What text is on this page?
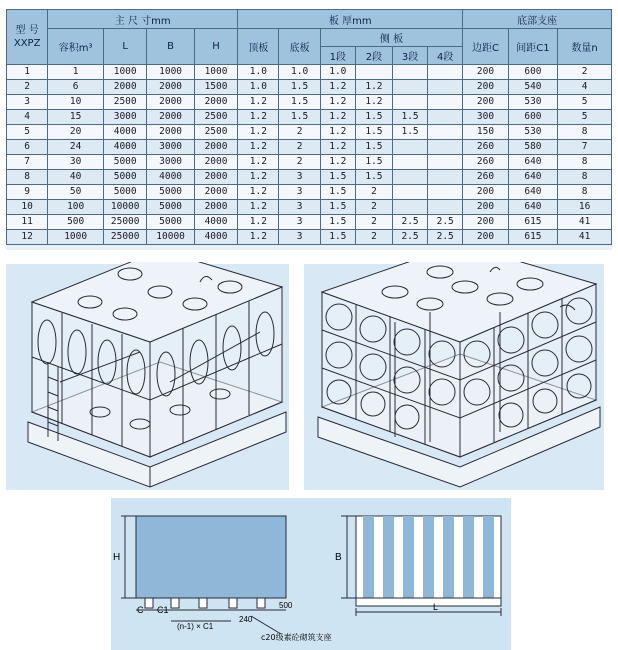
型 号
XXPZ	主 尺 寸mm				板 厚mm						底部支座		
	容积m³	L	B	H	顶板	底板	侧 板				边距C	间距C1	数量n
							1段	2段	3段	4段			
1	1	1000	1000	1000	1.0	1.0	1.0				200	600	2
2	6	2000	2000	1500	1.0	1.5	1.2	1.2			200	540	4
3	10	2500	2000	2000	1.2	1.5	1.2	1.2			200	530	5
4	15	3000	2000	2500	1.2	1.5	1.2	1.5	1.5		300	600	5
5	20	4000	2000	2500	1.2	2	1.2	1.5	1.5		150	530	8
6	24	4000	3000	2000	1.2	2	1.2	1.5			260	580	7
7	30	5000	3000	2000	1.2	2	1.2	1.5			260	640	8
8	40	5000	4000	2000	1.2	3	1.5	1.5			260	640	8
9	50	5000	5000	2000	1.2	3	1.5	2			200	640	8
10	100	10000	5000	2000	1.2	3	1.5	2			200	640	16
11	500	25000	5000	4000	1.2	3	1.5	2	2.5	2.5	200	615	41
12	1000	25000	10000	4000	1.2	3	1.5	2	2.5	2.5	200	615	41
H
C C1
(n-1) × C1
240
500
c20级素砼砌筑支座
B
L
